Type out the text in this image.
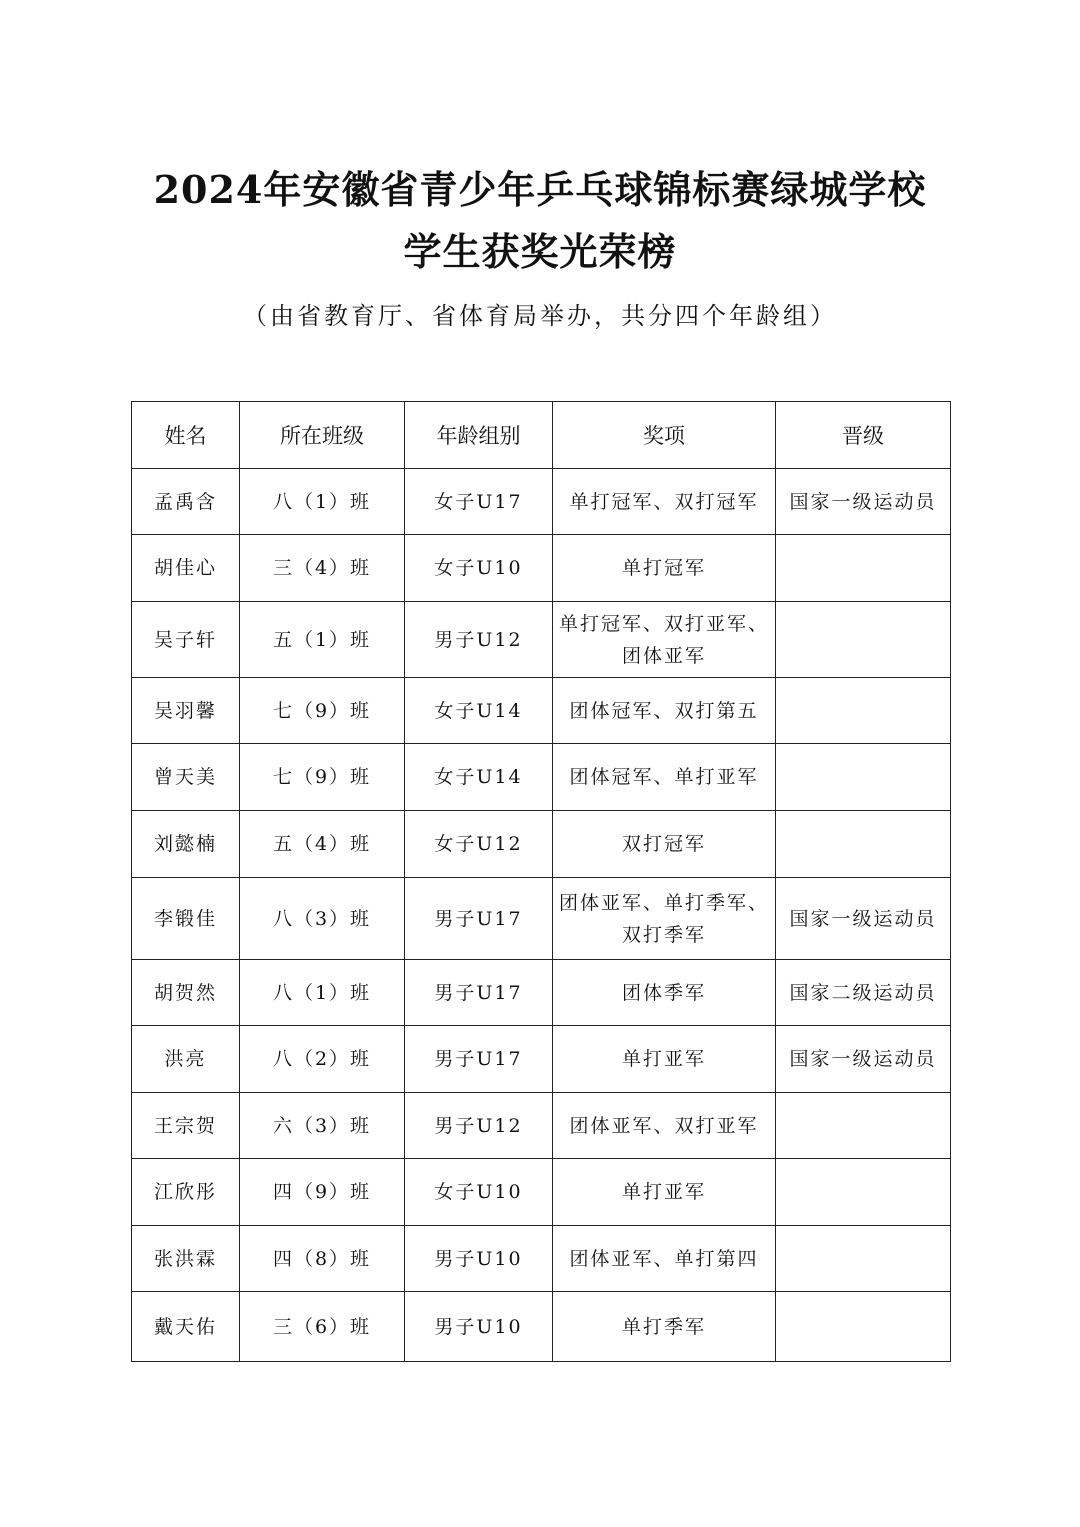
2024年安徽省青少年乒乓球锦标赛绿城学校
学生获奖光荣榜
（由省教育厅、省体育局举办，共分四个年龄组）
姓名	所在班级	年龄组别	奖项	晋级
孟禹含	八（1）班	女子U17	单打冠军、双打冠军	国家一级运动员
胡佳心	三（4）班	女子U10	单打冠军	

吴子轩	五（1）班	男子U12	单打冠军、双打亚军、
团体亚军	

吴羽馨	七（9）班	女子U14	团体冠军、双打第五	

曾天美	七（9）班	女子U14	团体冠军、单打亚军	

刘懿楠	五（4）班	女子U12	双打冠军	

李锻佳	八（3）班	男子U17	团体亚军、单打季军、
双打季军	国家一级运动员
胡贺然	八（1）班	男子U17	团体季军	国家二级运动员
洪亮	八（2）班	男子U17	单打亚军	国家一级运动员
王宗贺	六（3）班	男子U12	团体亚军、双打亚军	

江欣彤	四（9）班	女子U10	单打亚军	

张洪霖	四（8）班	男子U10	团体亚军、单打第四	

戴天佑	三（6）班	男子U10	单打季军	
